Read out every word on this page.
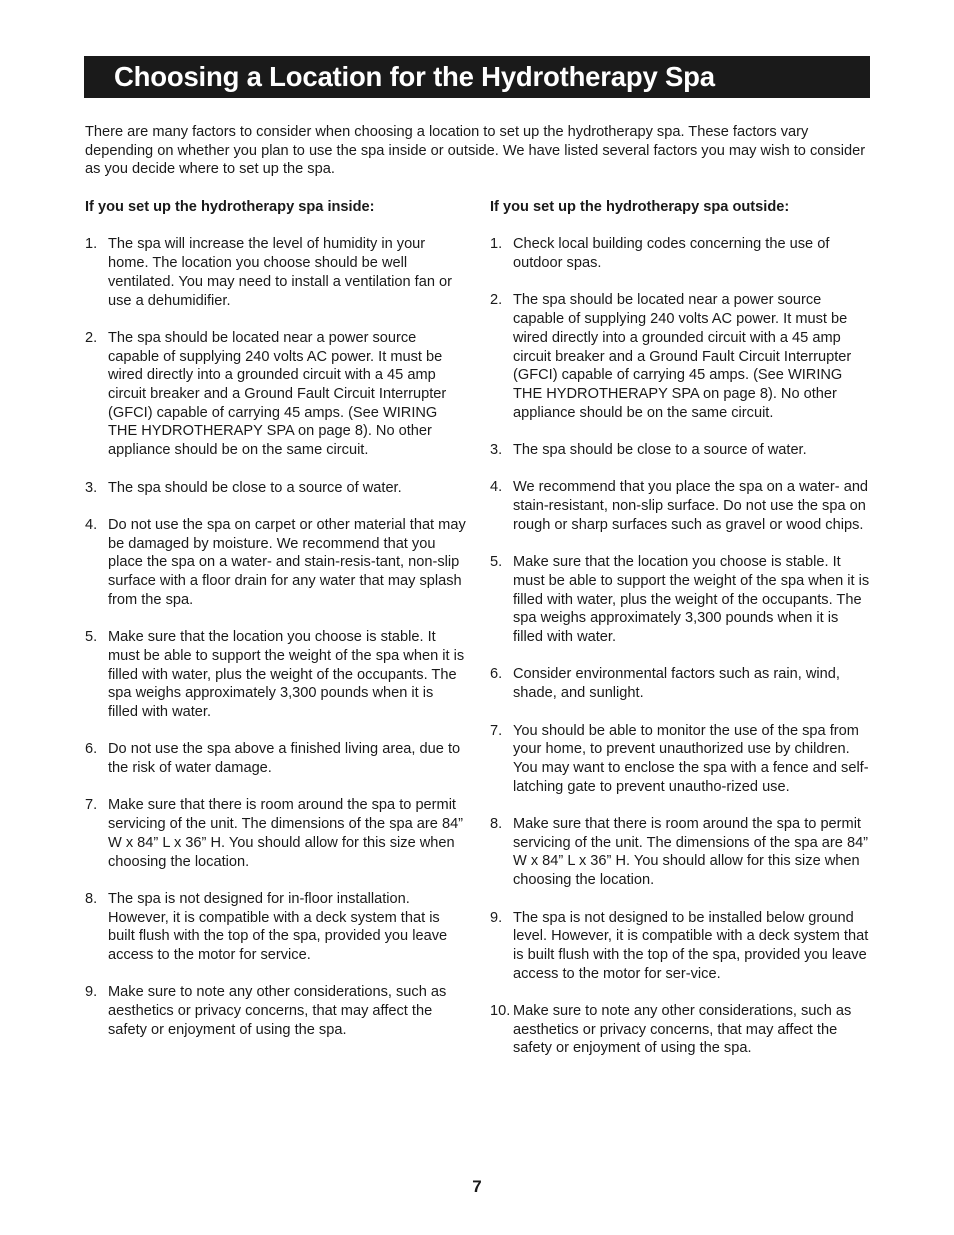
Choosing a Location for the Hydrotherapy Spa

There are many factors to consider when choosing a location to set up the hydrotherapy spa. These factors vary depending on whether you plan to use the spa inside or outside. We have listed several factors you may wish to consider as you decide where to set up the spa.

If you set up the hydrotherapy spa inside:
1. The spa will increase the level of humidity in your home. The location you choose should be well ventilated. You may need to install a ventilation fan or use a dehumidifier.
2. The spa should be located near a power source capable of supplying 240 volts AC power. It must be wired directly into a grounded circuit with a 45 amp circuit breaker and a Ground Fault Circuit Interrupter (GFCI) capable of carrying 45 amps. (See WIRING THE HYDROTHERAPY SPA on page 8). No other appliance should be on the same circuit.
3. The spa should be close to a source of water.
4. Do not use the spa on carpet or other material that may be damaged by moisture. We recommend that you place the spa on a water- and stain-resis-tant, non-slip surface with a floor drain for any water that may splash from the spa.
5. Make sure that the location you choose is stable. It must be able to support the weight of the spa when it is filled with water, plus the weight of the occupants. The spa weighs approximately 3,300 pounds when it is filled with water.
6. Do not use the spa above a finished living area, due to the risk of water damage.
7. Make sure that there is room around the spa to permit servicing of the unit. The dimensions of the spa are 84” W x 84” L x 36” H. You should allow for this size when choosing the location.
8. The spa is not designed for in-floor installation. However, it is compatible with a deck system that is built flush with the top of the spa, provided you leave access to the motor for service.
9. Make sure to note any other considerations, such as aesthetics or privacy concerns, that may affect the safety or enjoyment of using the spa.
If you set up the hydrotherapy spa outside:
1. Check local building codes concerning the use of outdoor spas.
2. The spa should be located near a power source capable of supplying 240 volts AC power. It must be wired directly into a grounded circuit with a 45 amp circuit breaker and a Ground Fault Circuit Interrupter (GFCI) capable of carrying 45 amps. (See WIRING THE HYDROTHERAPY SPA on page 8). No other appliance should be on the same circuit.
3. The spa should be close to a source of water.
4. We recommend that you place the spa on a water- and stain-resistant, non-slip surface. Do not use the spa on rough or sharp surfaces such as gravel or wood chips.
5. Make sure that the location you choose is stable. It must be able to support the weight of the spa when it is filled with water, plus the weight of the occupants. The spa weighs approximately 3,300 pounds when it is filled with water.
6. Consider environmental factors such as rain, wind, shade, and sunlight.
7. You should be able to monitor the use of the spa from your home, to prevent unauthorized use by children. You may want to enclose the spa with a fence and self-latching gate to prevent unautho-rized use.
8. Make sure that there is room around the spa to permit servicing of the unit. The dimensions of the spa are 84” W x 84” L x 36” H. You should allow for this size when choosing the location.
9. The spa is not designed to be installed below ground level. However, it is compatible with a deck system that is built flush with the top of the spa, provided you leave access to the motor for ser-vice.
10. Make sure to note any other considerations, such as aesthetics or privacy concerns, that may affect the safety or enjoyment of using the spa.
7
